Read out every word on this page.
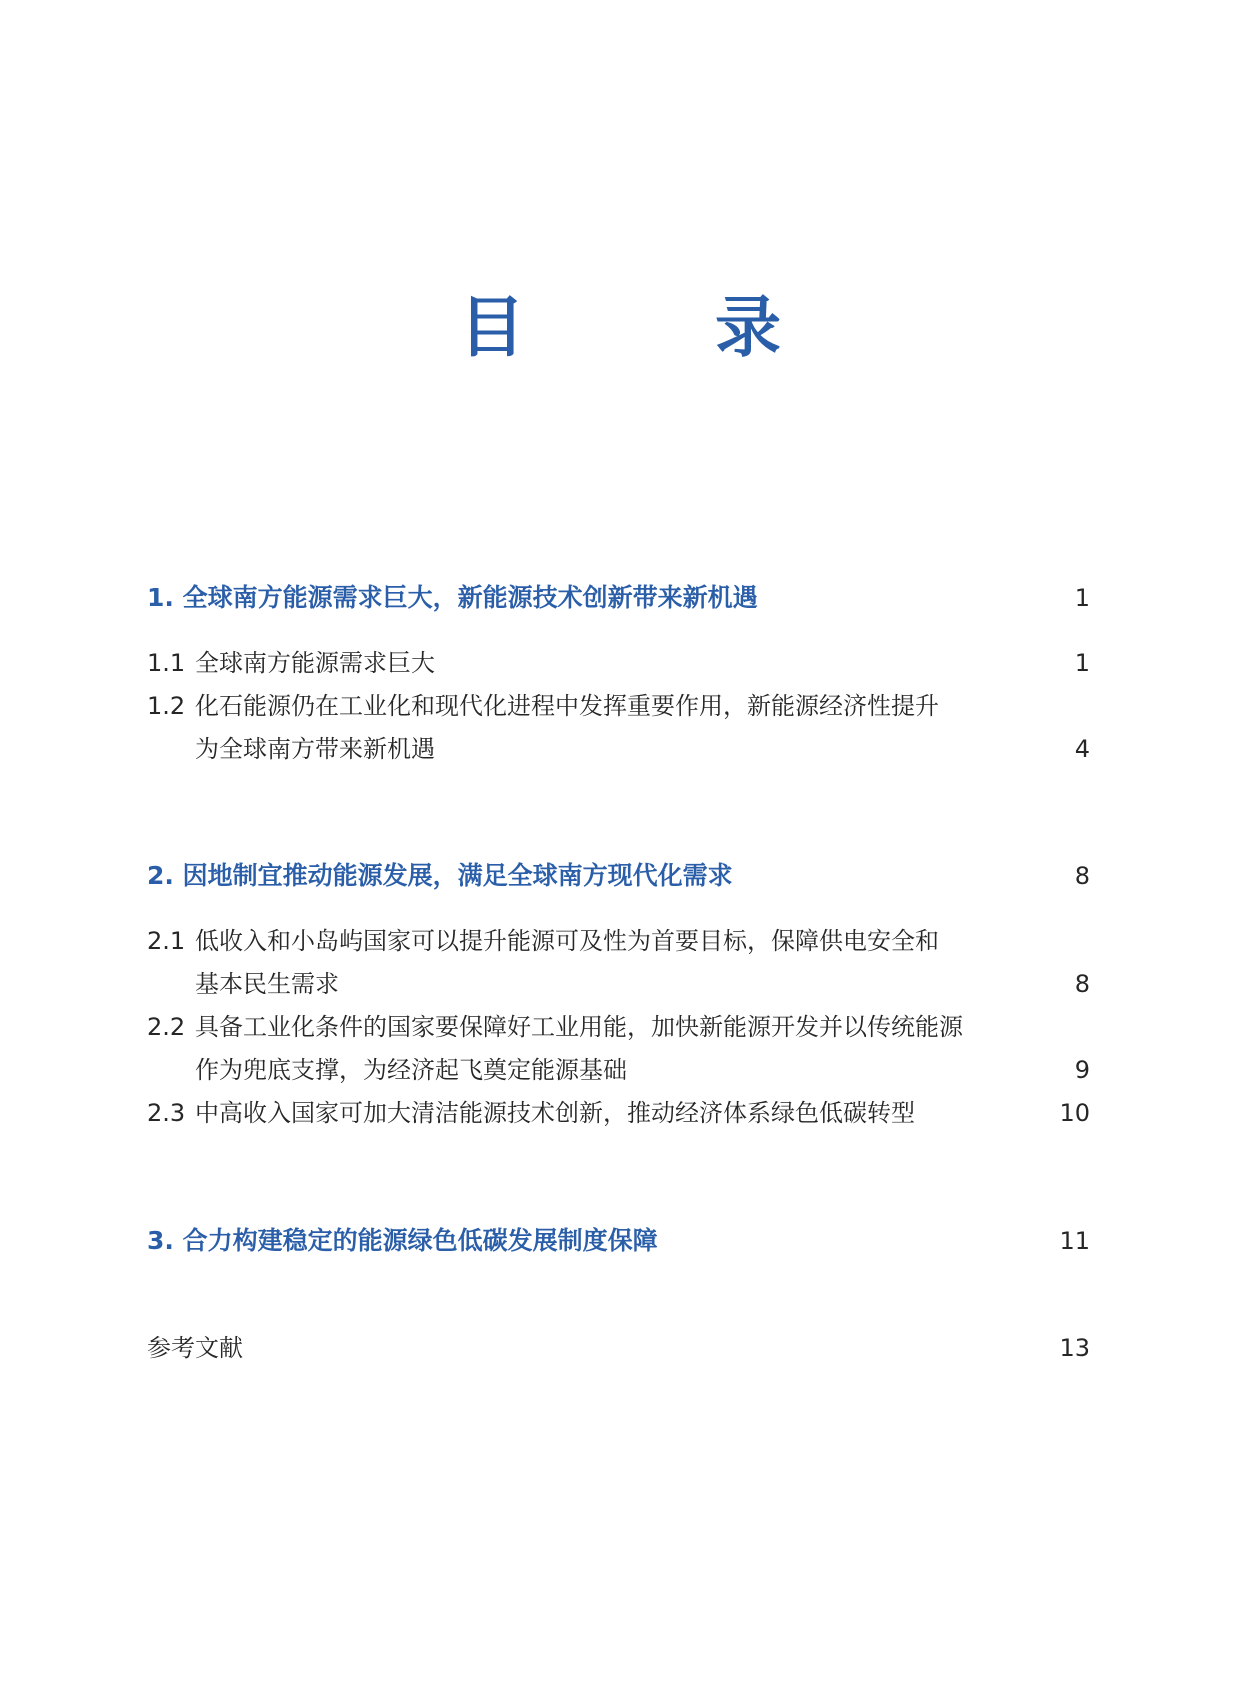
目　录
1. 全球南方能源需求巨大，新能源技术创新带来新机遇	1
1.1 全球南方能源需求巨大	1
1.2 化石能源仍在工业化和现代化进程中发挥重要作用，新能源经济性提升
为全球南方带来新机遇	4
2. 因地制宜推动能源发展，满足全球南方现代化需求	8
2.1 低收入和小岛屿国家可以提升能源可及性为首要目标，保障供电安全和
基本民生需求	8
2.2 具备工业化条件的国家要保障好工业用能，加快新能源开发并以传统能源
作为兜底支撑，为经济起飞奠定能源基础	9
2.3 中高收入国家可加大清洁能源技术创新，推动经济体系绿色低碳转型	10
3. 合力构建稳定的能源绿色低碳发展制度保障	11
参考文献	13
